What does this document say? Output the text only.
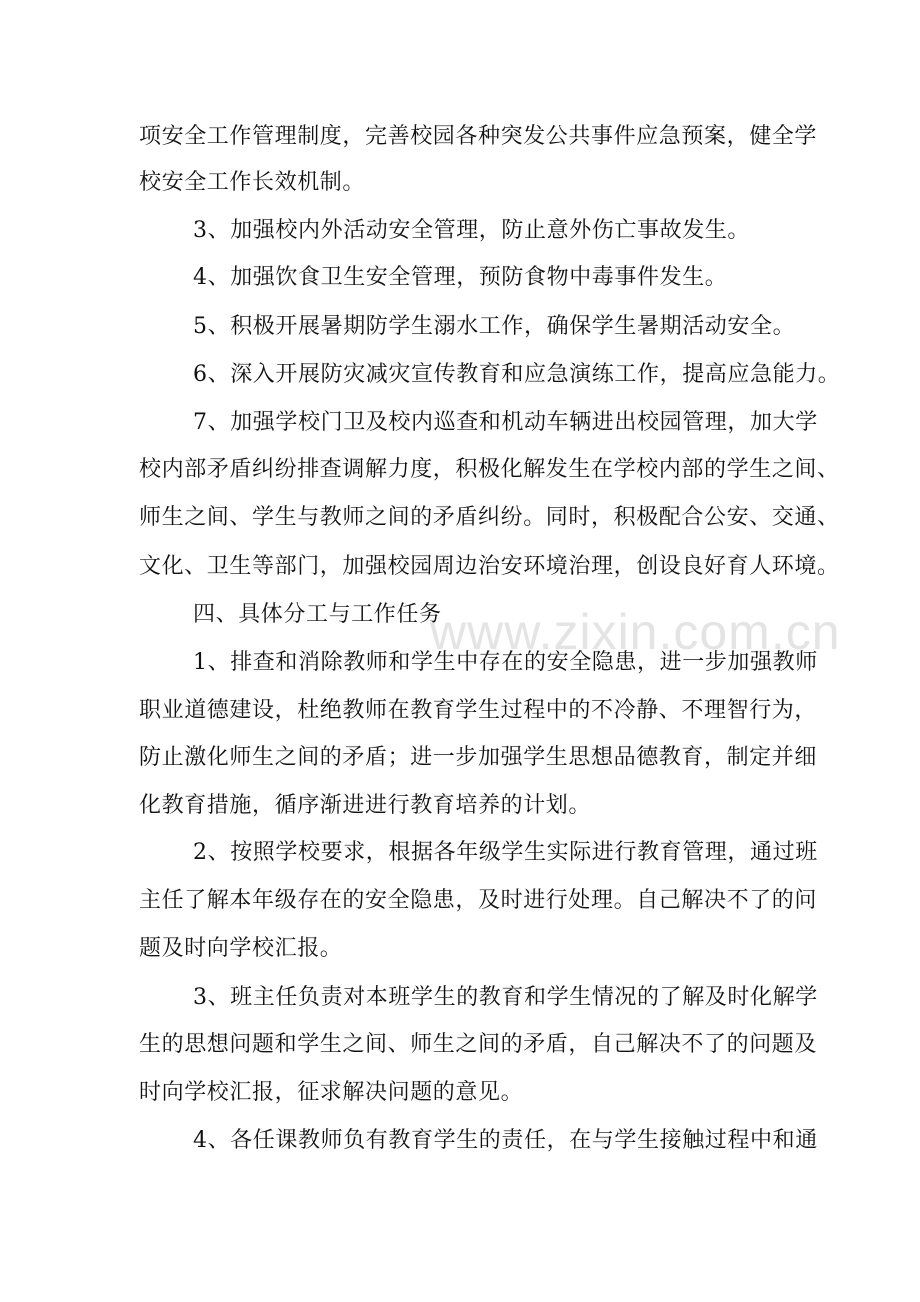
项安全工作管理制度，完善校园各种突发公共事件应急预案，健全学
校安全工作长效机制。
3、加强校内外活动安全管理，防止意外伤亡事故发生。
4、加强饮食卫生安全管理，预防食物中毒事件发生。
5、积极开展暑期防学生溺水工作，确保学生暑期活动安全。
6、深入开展防灾减灾宣传教育和应急演练工作，提高应急能力。
7、加强学校门卫及校内巡查和机动车辆进出校园管理，加大学
校内部矛盾纠纷排查调解力度，积极化解发生在学校内部的学生之间、
师生之间、学生与教师之间的矛盾纠纷。同时，积极配合公安、交通、
文化、卫生等部门，加强校园周边治安环境治理，创设良好育人环境。
四、具体分工与工作任务
1、排查和消除教师和学生中存在的安全隐患，进一步加强教师
职业道德建设，杜绝教师在教育学生过程中的不冷静、不理智行为，
防止激化师生之间的矛盾；进一步加强学生思想品德教育，制定并细
化教育措施，循序渐进进行教育培养的计划。
2、按照学校要求，根据各年级学生实际进行教育管理，通过班
主任了解本年级存在的安全隐患，及时进行处理。自己解决不了的问
题及时向学校汇报。
3、班主任负责对本班学生的教育和学生情况的了解及时化解学
生的思想问题和学生之间、师生之间的矛盾，自己解决不了的问题及
时向学校汇报，征求解决问题的意见。
4、各任课教师负有教育学生的责任，在与学生接触过程中和通
www.zixin.com.cn
